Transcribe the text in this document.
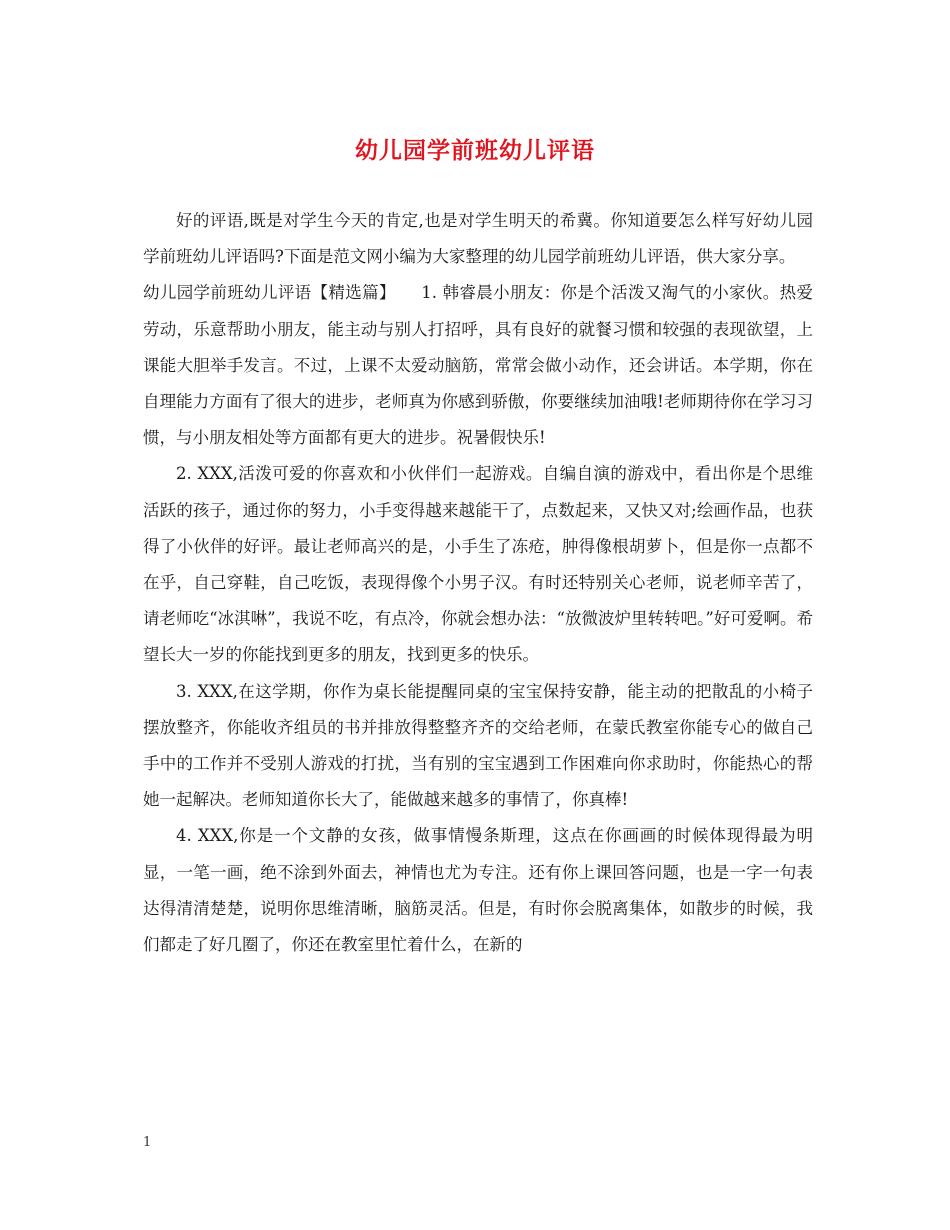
幼儿园学前班幼儿评语

好的评语,既是对学生今天的肯定,也是对学生明天的希冀。你知道要怎么样写好幼儿园学前班幼儿评语吗?下面是范文网小编为大家整理的幼儿园学前班幼儿评语，供大家分享。

幼儿园学前班幼儿评语【精选篇】　　1. 韩睿晨小朋友：你是个活泼又淘气的小家伙。热爱劳动，乐意帮助小朋友，能主动与别人打招呼，具有良好的就餐习惯和较强的表现欲望，上课能大胆举手发言。不过，上课不太爱动脑筋，常常会做小动作，还会讲话。本学期，你在自理能力方面有了很大的进步，老师真为你感到骄傲，你要继续加油哦!老师期待你在学习习惯，与小朋友相处等方面都有更大的进步。祝暑假快乐!

2. XXX,活泼可爱的你喜欢和小伙伴们一起游戏。自编自演的游戏中，看出你是个思维活跃的孩子，通过你的努力，小手变得越来越能干了，点数起来，又快又对;绘画作品，也获得了小伙伴的好评。最让老师高兴的是，小手生了冻疮，肿得像根胡萝卜，但是你一点都不在乎，自己穿鞋，自己吃饭，表现得像个小男子汉。有时还特别关心老师，说老师辛苦了，请老师吃“冰淇啉”，我说不吃，有点冷，你就会想办法：“放微波炉里转转吧。”好可爱啊。希望长大一岁的你能找到更多的朋友，找到更多的快乐。

3. XXX,在这学期，你作为桌长能提醒同桌的宝宝保持安静，能主动的把散乱的小椅子摆放整齐，你能收齐组员的书并排放得整整齐齐的交给老师，在蒙氏教室你能专心的做自己手中的工作并不受别人游戏的打扰，当有别的宝宝遇到工作困难向你求助时，你能热心的帮她一起解决。老师知道你长大了，能做越来越多的事情了，你真棒!

4. XXX,你是一个文静的女孩，做事情慢条斯理，这点在你画画的时候体现得最为明显，一笔一画，绝不涂到外面去，神情也尤为专注。还有你上课回答问题，也是一字一句表达得清清楚楚，说明你思维清晰，脑筋灵活。但是，有时你会脱离集体，如散步的时候，我们都走了好几圈了，你还在教室里忙着什么，在新的

1
